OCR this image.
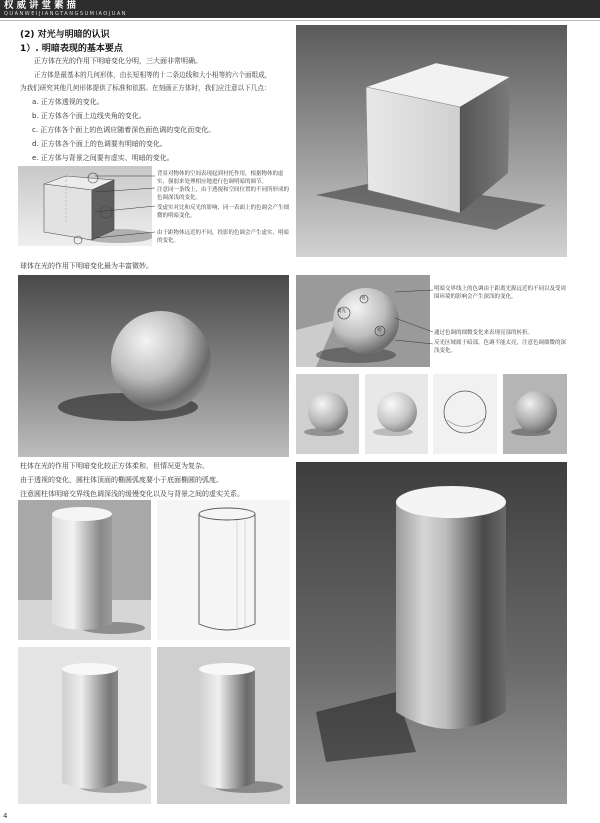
权威讲堂素描
QUANWEIJIANGTANGSUMIAOJUAN
(2) 对光与明暗的认识
1）. 明暗表现的基本要点
正方体在光的作用下明暗变化分明，三大面非常明确。
正方体是最基本的几何形体，由长短相等的十二条边线和大小相等的六个面组成，
为我们研究其他几何形体提供了标准和依据。在刻画正方体时，我们应注意以下几点：
a. 正方体透视的变化。
b. 正方体各个面上边线夹角的变化。
c. 正方体各个面上的色调应随着深色面色调的变化而变化。
d. 正方体各个面上的色调要有明暗的变化。
e. 正方体与背景之间要有虚实、明暗的变化。
背景对物体的空间表现起到衬托作用，根据物体的虚实、强弱来处理相应地进行色调明暗的调节。
注意同一条线上，由于透视和空间位置的不同所形成的色调深浅的变化。
受虚实对比和反光的影响，同一表面上的色调会产生细微的明暗变化。
由于距物体远近的不同，投影的色调会产生虚实、明暗的变化。
球体在光的作用下明暗变化最为丰富微妙。
高光
亮
暗
明暗交界线上的色调由于距离光源远近的不同以及受周围环境的影响会产生深浅的变化。
通过色调的细微变化来表现亮部的转折。
反光区域属于暗部，色调不能太亮，注意色调细微的深浅变化。
柱体在光的作用下明暗变化较正方体柔和，但情况更为复杂。
由于透视的变化，圆柱体顶面的椭圆弧度要小于底面椭圆的弧度。
注意圆柱体明暗交界线色调深浅的缓慢变化以及与背景之间的虚实关系。
4
